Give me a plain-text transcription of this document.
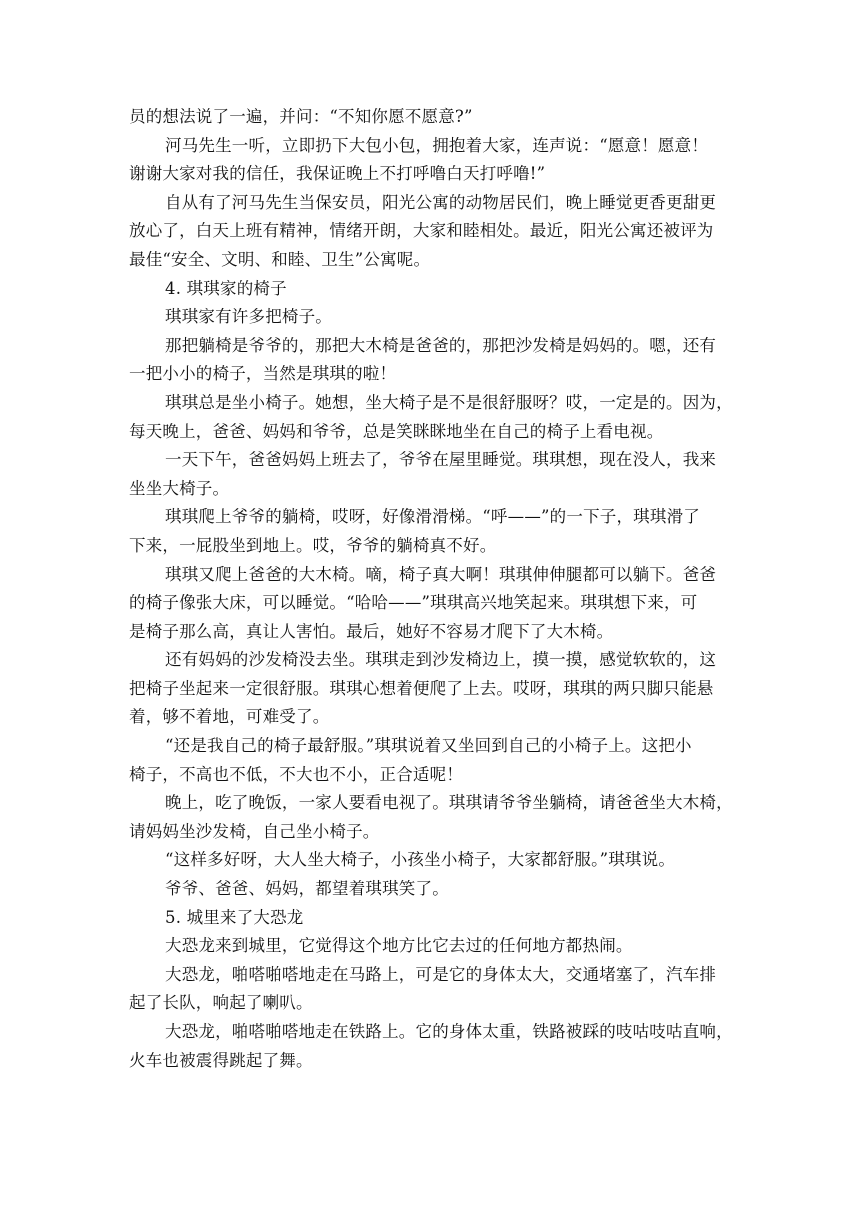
员的想法说了一遍，并问：“不知你愿不愿意?”
河马先生一听，立即扔下大包小包，拥抱着大家，连声说：“愿意！愿意！
谢谢大家对我的信任，我保证晚上不打呼噜白天打呼噜!”
自从有了河马先生当保安员，阳光公寓的动物居民们，晚上睡觉更香更甜更
放心了，白天上班有精神，情绪开朗，大家和睦相处。最近，阳光公寓还被评为
最佳“安全、文明、和睦、卫生”公寓呢。
4. 琪琪家的椅子
琪琪家有许多把椅子。
那把躺椅是爷爷的，那把大木椅是爸爸的，那把沙发椅是妈妈的。嗯，还有
一把小小的椅子，当然是琪琪的啦！
琪琪总是坐小椅子。她想，坐大椅子是不是很舒服呀？哎，一定是的。因为，
每天晚上，爸爸、妈妈和爷爷，总是笑眯眯地坐在自己的椅子上看电视。
一天下午，爸爸妈妈上班去了，爷爷在屋里睡觉。琪琪想，现在没人，我来
坐坐大椅子。
琪琪爬上爷爷的躺椅，哎呀，好像滑滑梯。“呼——”的一下子，琪琪滑了
下来，一屁股坐到地上。哎，爷爷的躺椅真不好。
琪琪又爬上爸爸的大木椅。嘀，椅子真大啊！琪琪伸伸腿都可以躺下。爸爸
的椅子像张大床，可以睡觉。“哈哈——”琪琪高兴地笑起来。琪琪想下来，可
是椅子那么高，真让人害怕。最后，她好不容易才爬下了大木椅。
还有妈妈的沙发椅没去坐。琪琪走到沙发椅边上，摸一摸，感觉软软的，这
把椅子坐起来一定很舒服。琪琪心想着便爬了上去。哎呀，琪琪的两只脚只能悬
着，够不着地，可难受了。
“还是我自己的椅子最舒服。”琪琪说着又坐回到自己的小椅子上。这把小
椅子，不高也不低，不大也不小，正合适呢！
晚上，吃了晚饭，一家人要看电视了。琪琪请爷爷坐躺椅，请爸爸坐大木椅，
请妈妈坐沙发椅，自己坐小椅子。
“这样多好呀，大人坐大椅子，小孩坐小椅子，大家都舒服。”琪琪说。
爷爷、爸爸、妈妈，都望着琪琪笑了。
5. 城里来了大恐龙
大恐龙来到城里，它觉得这个地方比它去过的任何地方都热闹。
大恐龙，啪嗒啪嗒地走在马路上，可是它的身体太大，交通堵塞了，汽车排
起了长队，响起了喇叭。
大恐龙，啪嗒啪嗒地走在铁路上。它的身体太重，铁路被踩的吱咕吱咕直响，
火车也被震得跳起了舞。
